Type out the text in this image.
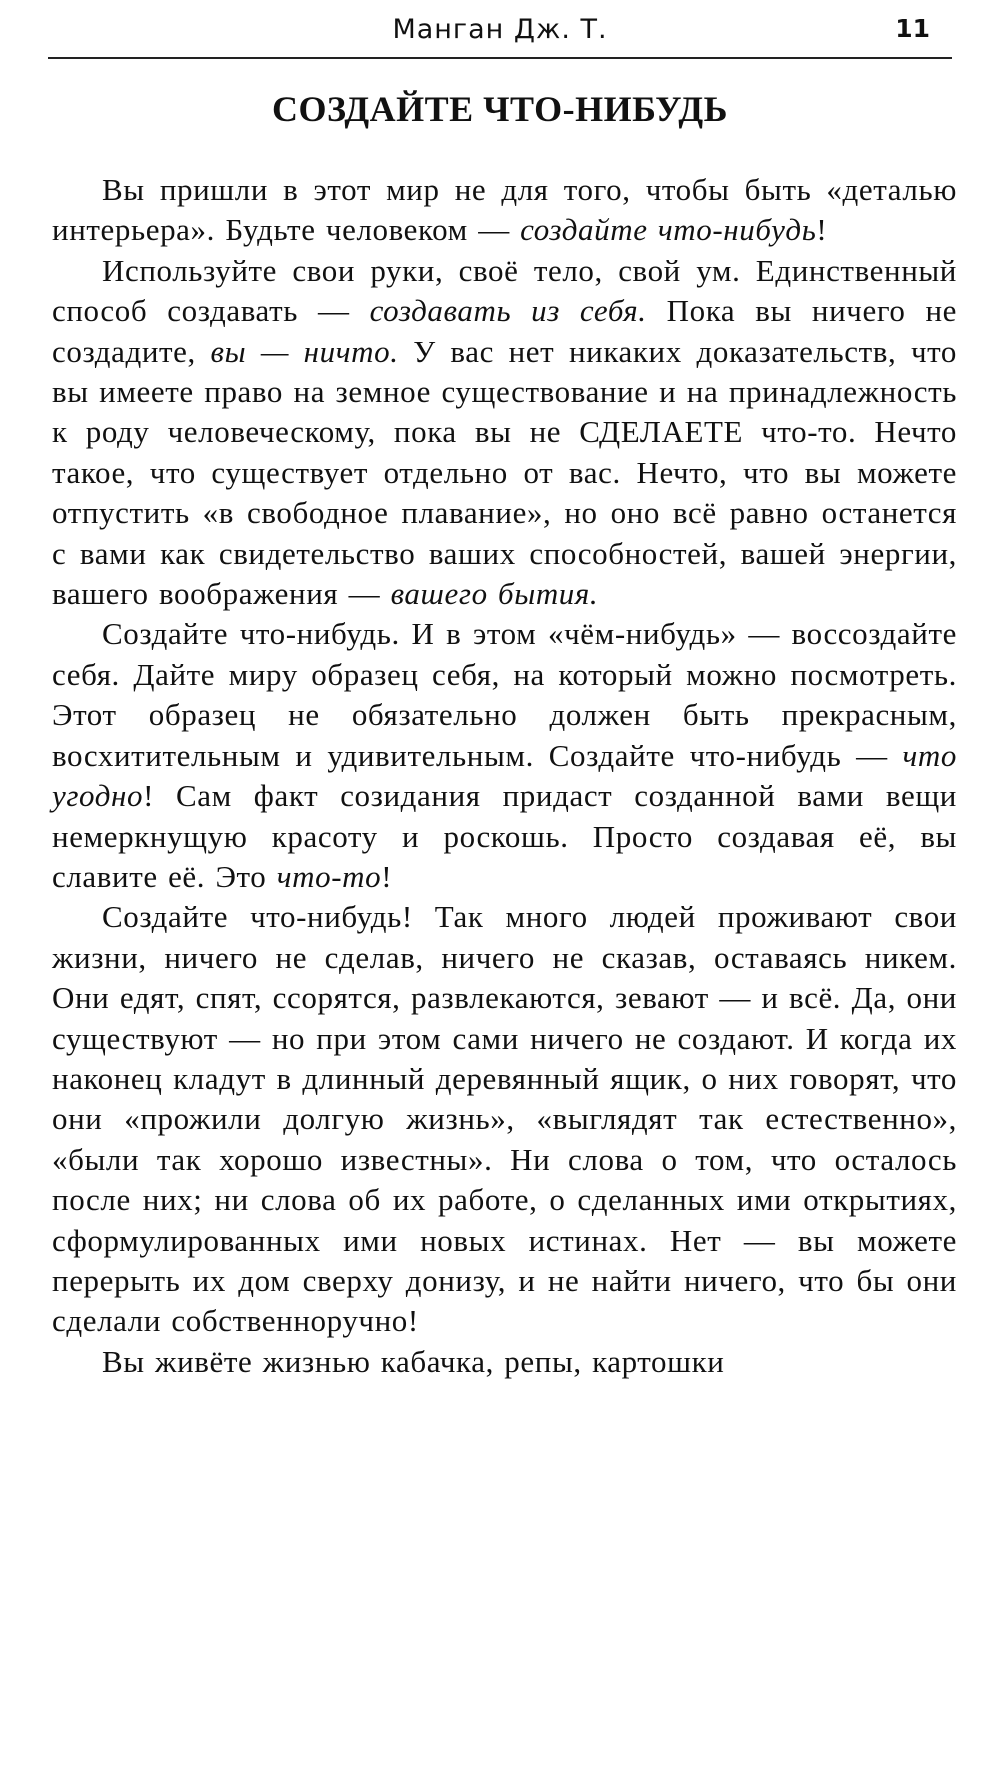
Манган Дж. Т.	11
СОЗДАЙТЕ ЧТО-НИБУДЬ

Вы пришли в этот мир не для того, чтобы быть «деталью интерьера». Будьте человеком — создайте что-нибудь!

Используйте свои руки, своё тело, свой ум. Единственный способ создавать — создавать из себя. Пока вы ничего не создадите, вы — ничто. У вас нет никаких доказательств, что вы имеете право на земное существование и на принадлежность к роду человеческому, пока вы не СДЕЛАЕТЕ что-то. Нечто такое, что существует отдельно от вас. Нечто, что вы можете отпустить «в свободное плавание», но оно всё равно останется с вами как свидетельство ваших способностей, вашей энергии, вашего воображения — вашего бытия.

Создайте что-нибудь. И в этом «чём-нибудь» — воссоздайте себя. Дайте миру образец себя, на который можно посмотреть. Этот образец не обязательно должен быть прекрасным, восхитительным и удивительным. Создайте что-нибудь — что угодно! Сам факт созидания придаст созданной вами вещи немеркнущую красоту и роскошь. Просто создавая её, вы славите её. Это что-то!

Создайте что-нибудь! Так много людей проживают свои жизни, ничего не сделав, ничего не сказав, оставаясь никем. Они едят, спят, ссорятся, развлекаются, зевают — и всё. Да, они существуют — но при этом сами ничего не создают. И когда их наконец кладут в длинный деревянный ящик, о них говорят, что они «прожили долгую жизнь», «выглядят так естественно», «были так хорошо известны». Ни слова о том, что осталось после них; ни слова об их работе, о сделанных ими открытиях, сформулированных ими новых истинах. Нет — вы можете перерыть их дом сверху донизу, и не найти ничего, что бы они сделали собственноручно!

Вы живёте жизнью кабачка, репы, картошки
